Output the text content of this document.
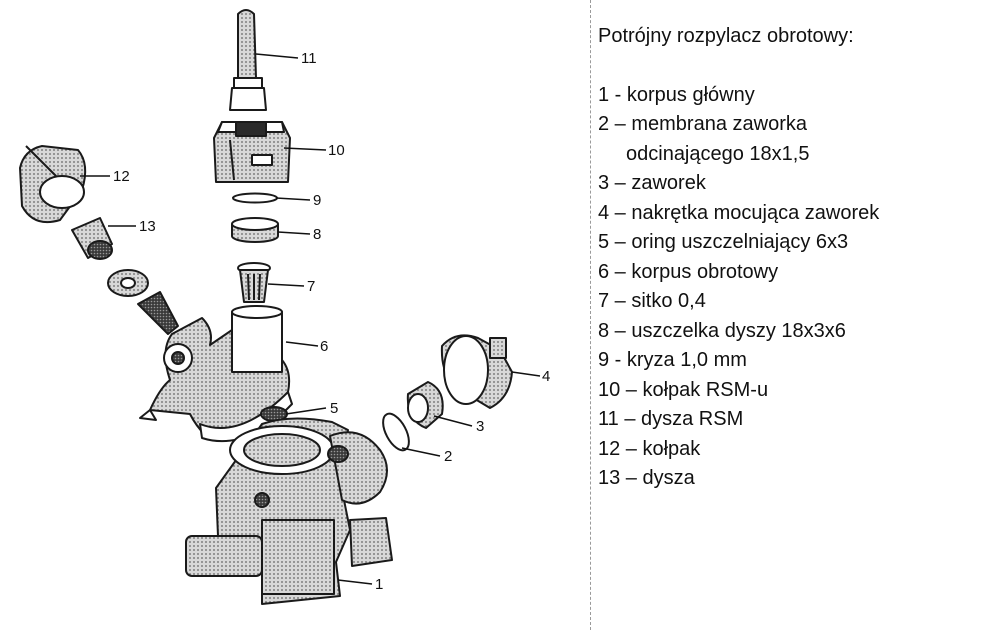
11
10
9
8
7
6
5
2
3
4
12
13
1
Potrójny rozpylacz obrotowy:
1 - korpus główny
2 – membrana zaworka
odcinającego 18x1,5
3 – zaworek
4 – nakrętka mocująca zaworek
5 – oring uszczelniający 6x3
6 – korpus obrotowy
7 – sitko 0,4
8 – uszczelka dyszy 18x3x6
9 - kryza 1,0 mm
10 – kołpak RSM-u
11 – dysza RSM
12 – kołpak
13 – dysza
